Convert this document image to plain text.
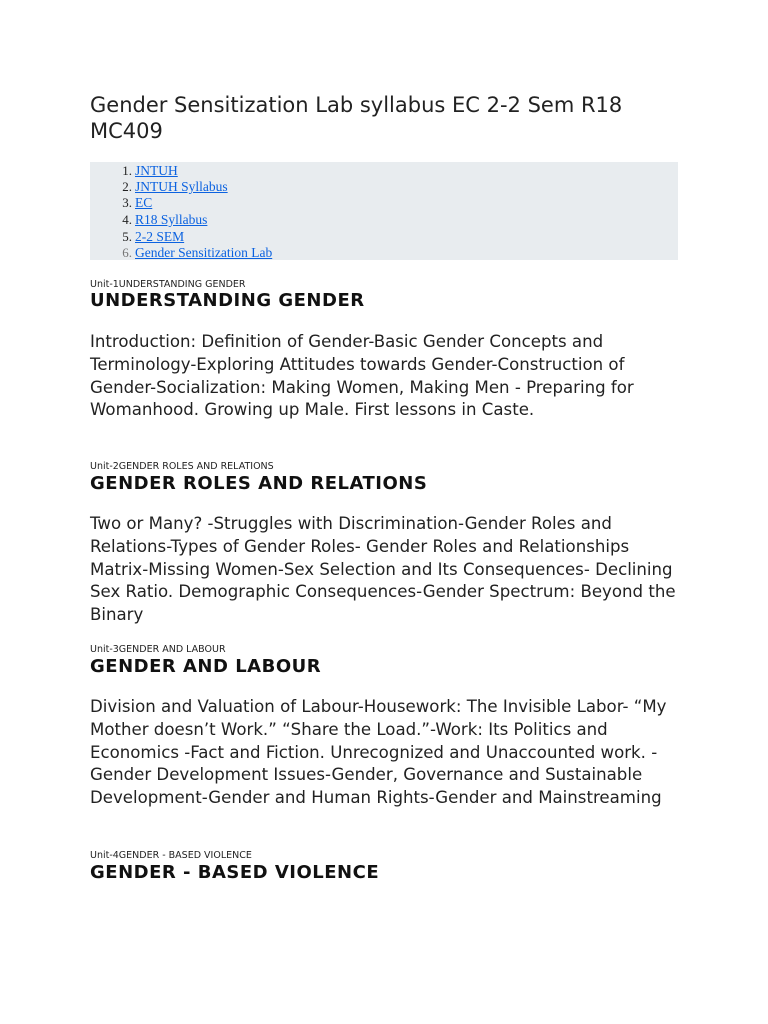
Gender Sensitization Lab syllabus EC 2-2 Sem R18 MC409
1. JNTUH
2. JNTUH Syllabus
3. EC
4. R18 Syllabus
5. 2-2 SEM
6. Gender Sensitization Lab
Unit-1UNDERSTANDING GENDER
UNDERSTANDING GENDER

Introduction: Definition of Gender-Basic Gender Concepts and Terminology-Exploring Attitudes towards Gender-Construction of Gender-Socialization: Making Women, Making Men - Preparing for Womanhood. Growing up Male. First lessons in Caste.

Unit-2GENDER ROLES AND RELATIONS
GENDER ROLES AND RELATIONS

Two or Many? -Struggles with Discrimination-Gender Roles and Relations-Types of Gender Roles- Gender Roles and Relationships Matrix-Missing Women-Sex Selection and Its Consequences- Declining Sex Ratio. Demographic Consequences-Gender Spectrum: Beyond the Binary

Unit-3GENDER AND LABOUR
GENDER AND LABOUR

Division and Valuation of Labour-Housework: The Invisible Labor- “My Mother doesn’t Work.” “Share the Load.”-Work: Its Politics and Economics -Fact and Fiction. Unrecognized and Unaccounted work. -Gender Development Issues-Gender, Governance and Sustainable Development-Gender and Human Rights-Gender and Mainstreaming

Unit-4GENDER - BASED VIOLENCE
GENDER - BASED VIOLENCE
